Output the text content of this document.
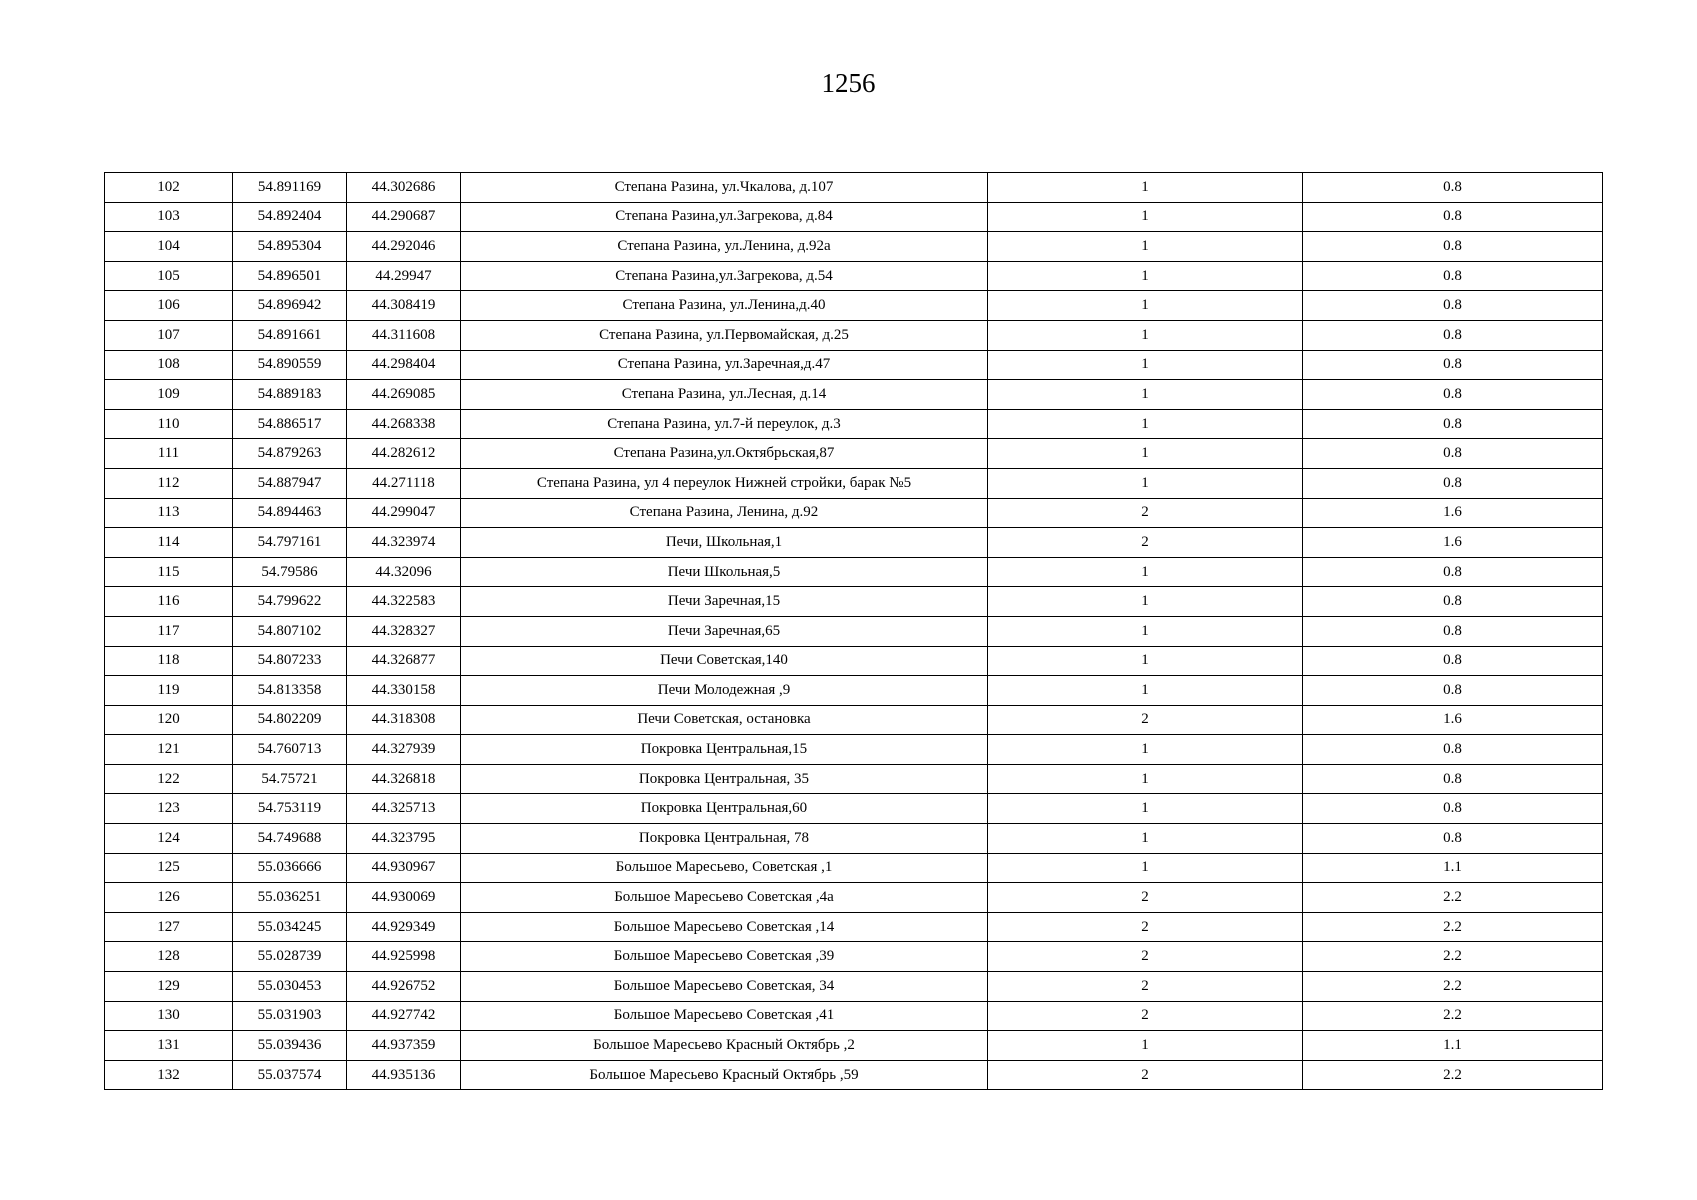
1256
102	54.891169	44.302686	Степана Разина, ул.Чкалова, д.107	1	0.8
103	54.892404	44.290687	Степана Разина,ул.Загрекова, д.84	1	0.8
104	54.895304	44.292046	Степана Разина, ул.Ленина, д.92а	1	0.8
105	54.896501	44.29947	Степана Разина,ул.Загрекова, д.54	1	0.8
106	54.896942	44.308419	Степана Разина, ул.Ленина,д.40	1	0.8
107	54.891661	44.311608	Степана Разина, ул.Первомайская, д.25	1	0.8
108	54.890559	44.298404	Степана Разина, ул.Заречная,д.47	1	0.8
109	54.889183	44.269085	Степана Разина, ул.Лесная, д.14	1	0.8
110	54.886517	44.268338	Степана Разина, ул.7-й переулок, д.3	1	0.8
111	54.879263	44.282612	Степана Разина,ул.Октябрьская,87	1	0.8
112	54.887947	44.271118	Степана Разина, ул 4 переулок Нижней стройки, барак №5	1	0.8
113	54.894463	44.299047	Степана Разина, Ленина, д.92	2	1.6
114	54.797161	44.323974	Печи, Школьная,1	2	1.6
115	54.79586	44.32096	Печи Школьная,5	1	0.8
116	54.799622	44.322583	Печи Заречная,15	1	0.8
117	54.807102	44.328327	Печи Заречная,65	1	0.8
118	54.807233	44.326877	Печи Советская,140	1	0.8
119	54.813358	44.330158	Печи Молодежная ,9	1	0.8
120	54.802209	44.318308	Печи Советская, остановка	2	1.6
121	54.760713	44.327939	Покровка Центральная,15	1	0.8
122	54.75721	44.326818	Покровка Центральная, 35	1	0.8
123	54.753119	44.325713	Покровка Центральная,60	1	0.8
124	54.749688	44.323795	Покровка Центральная, 78	1	0.8
125	55.036666	44.930967	Большое Маресьево, Советская ,1	1	1.1
126	55.036251	44.930069	Большое Маресьево Советская ,4а	2	2.2
127	55.034245	44.929349	Большое Маресьево Советская ,14	2	2.2
128	55.028739	44.925998	Большое Маресьево Советская ,39	2	2.2
129	55.030453	44.926752	Большое Маресьево Советская, 34	2	2.2
130	55.031903	44.927742	Большое Маресьево Советская ,41	2	2.2
131	55.039436	44.937359	Большое Маресьево Красный Октябрь ,2	1	1.1
132	55.037574	44.935136	Большое Маресьево Красный Октябрь ,59	2	2.2
